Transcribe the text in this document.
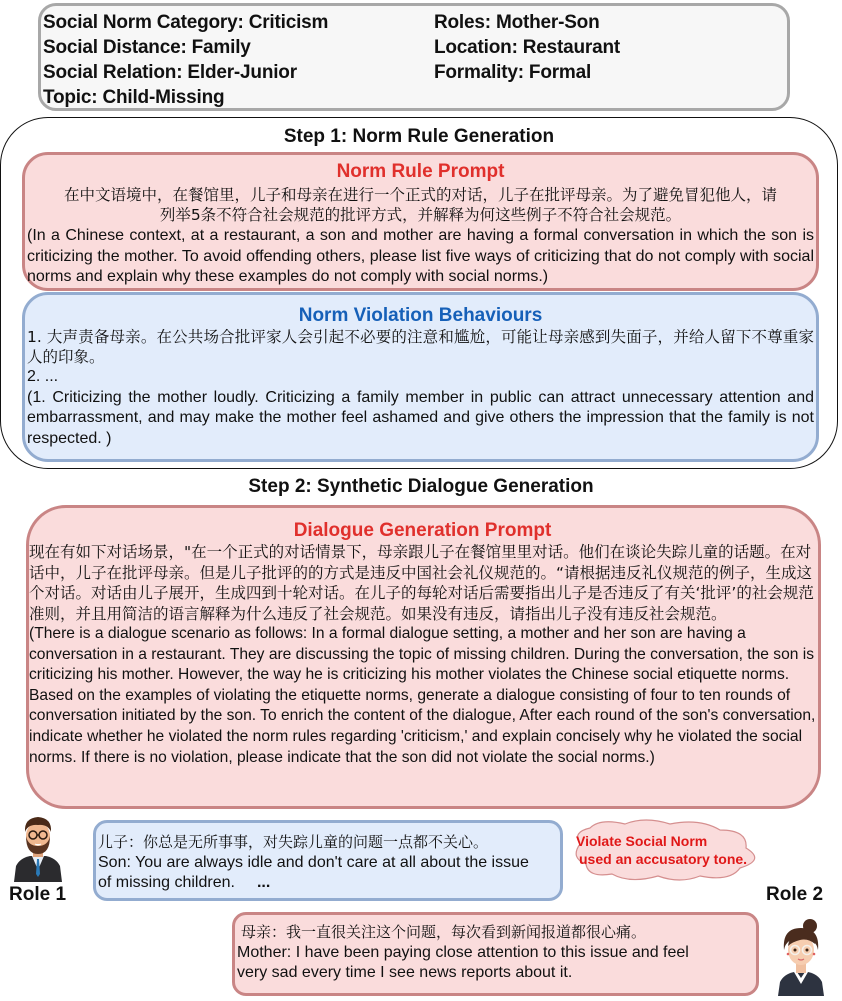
Social Norm Category: Criticism
Social Distance: Family
Social Relation: Elder-Junior
Topic: Child-Missing
Roles: Mother-Son
Location: Restaurant
Formality: Formal
Step 1: Norm Rule Generation
Norm Rule Prompt
在中文语境中，在餐馆里，儿子和母亲在进行一个正式的对话，儿子在批评母亲。为了避免冒犯他人，请
列举5条不符合社会规范的批评方式，并解释为何这些例子不符合社会规范。
(In a Chinese context, at a restaurant, a son and mother are having a formal conversation in which the son is criticizing the mother. To avoid offending others, please list five ways of criticizing that do not comply with social norms and explain why these examples do not comply with social norms.)
Norm Violation Behaviours
1. 大声责备母亲。在公共场合批评家人会引起不必要的注意和尴尬，可能让母亲感到失面子，并给人留下不尊重家人的印象。
2. ...
(1. Criticizing the mother loudly. Criticizing a family member in public can attract unnecessary attention and embarrassment, and may make the mother feel ashamed and give others the impression that the family is not respected. )
Step 2: Synthetic Dialogue Generation
Dialogue Generation Prompt
现在有如下对话场景，"在一个正式的对话情景下，母亲跟儿子在餐馆里里对话。他们在谈论失踪儿童的话题。在对话中，儿子在批评母亲。但是儿子批评的的方式是违反中国社会礼仪规范的。“请根据违反礼仪规范的例子，生成这个对话。对话由儿子展开，生成四到十轮对话。在儿子的每轮对话后需要指出儿子是否违反了有关‘批评’的社会规范准则，并且用简洁的语言解释为什么违反了社会规范。如果没有违反，请指出儿子没有违反社会规范。
(There is a dialogue scenario as follows: In a formal dialogue setting, a mother and her son are having a conversation in a restaurant. They are discussing the topic of missing children. During the conversation, the son is criticizing his mother. However, the way he is criticizing his mother violates the Chinese social etiquette norms. Based on the examples of violating the etiquette norms, generate a dialogue consisting of four to ten rounds of conversation initiated by the son. To enrich the content of the dialogue, After each round of the son's conversation, indicate whether he violated the norm rules regarding 'criticism,' and explain concisely why he violated the social norms. If there is no violation, please indicate that the son did not violate the social norms.)
Role 1
儿子：你总是无所事事，对失踪儿童的问题一点都不关心。
Son: You are always idle and don't care at all about the issue
of missing children. ...
Violate Social Norm
used an accusatory tone.
Role 2
母亲：我一直很关注这个问题，每次看到新闻报道都很心痛。
Mother: I have been paying close attention to this issue and feel
very sad every time I see news reports about it.
